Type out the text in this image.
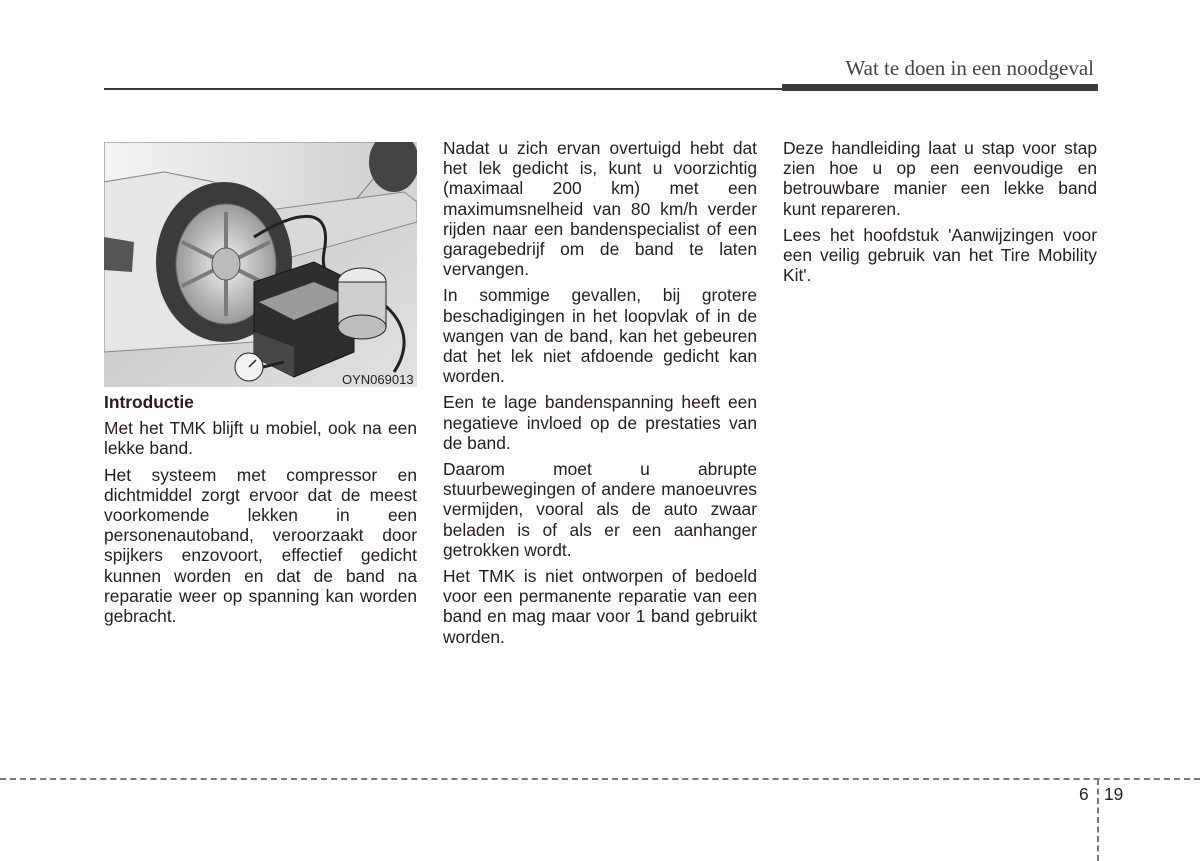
Wat te doen in een noodgeval
OYN069013

Introductie

Met het TMK blijft u mobiel, ook na een lekke band.

Het systeem met compressor en dichtmiddel zorgt ervoor dat de meest voorkomende lekken in een personenautoband, veroorzaakt door spijkers enzovoort, effectief gedicht kunnen worden en dat de band na reparatie weer op spanning kan worden gebracht.

Nadat u zich ervan overtuigd hebt dat het lek gedicht is, kunt u voorzichtig (maximaal 200 km) met een maximumsnelheid van 80 km/h verder rijden naar een bandenspecialist of een garagebedrijf om de band te laten vervangen.

In sommige gevallen, bij grotere beschadigingen in het loopvlak of in de wangen van de band, kan het gebeuren dat het lek niet afdoende gedicht kan worden.

Een te lage bandenspanning heeft een negatieve invloed op de prestaties van de band.

Daarom moet u abrupte stuurbewegingen of andere manoeuvres vermijden, vooral als de auto zwaar beladen is of als er een aanhanger getrokken wordt.

Het TMK is niet ontworpen of bedoeld voor een permanente reparatie van een band en mag maar voor 1 band gebruikt worden.

Deze handleiding laat u stap voor stap zien hoe u op een eenvoudige en betrouwbare manier een lekke band kunt repareren.

Lees het hoofdstuk 'Aanwijzingen voor een veilig gebruik van het Tire Mobility Kit'.

6 19
